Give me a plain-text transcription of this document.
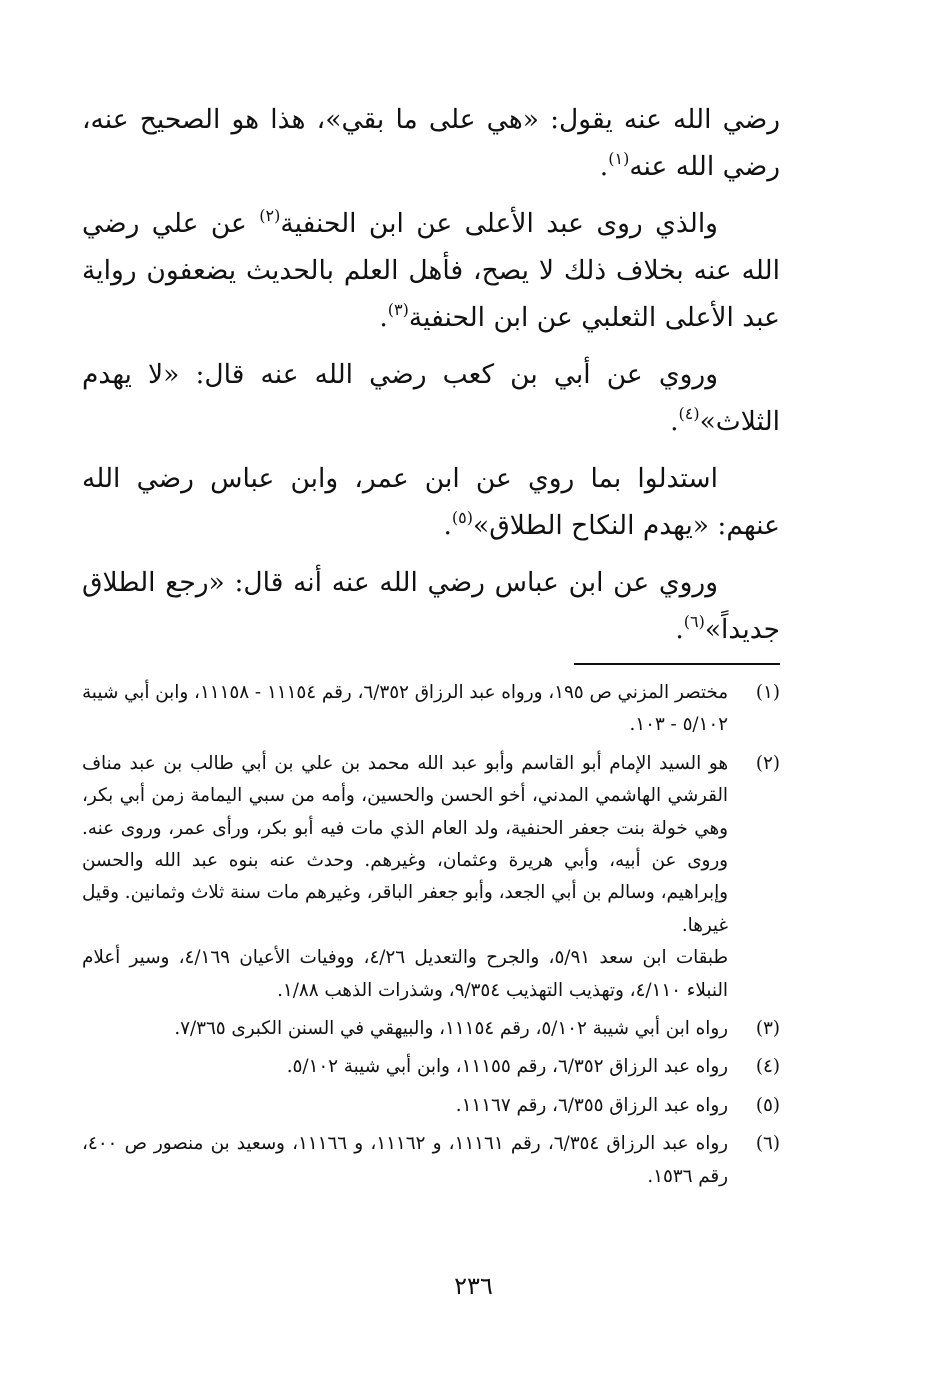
رضي الله عنه يقول: «هي على ما بقي»، هذا هو الصحيح عنه، رضي الله عنه$^{(١)}$.

والذي روى عبد الأعلى عن ابن الحنفية$^{(٢)}$ عن علي رضي الله عنه بخلاف ذلك لا يصح، فأهل العلم بالحديث يضعفون رواية عبد الأعلى الثعلبي عن ابن الحنفية$^{(٣)}$.

وروي عن أبي بن كعب رضي الله عنه قال: «لا يهدم الثلاث»$^{(٤)}$.

استدلوا بما روي عن ابن عمر، وابن عباس رضي الله عنهم: «يهدم النكاح الطلاق»$^{(٥)}$.

وروي عن ابن عباس رضي الله عنه أنه قال: «رجع الطلاق جديداً»$^{(٦)}$.

(١)
مختصر المزني ص ١٩٥، ورواه عبد الرزاق ٦/٣٥٢، رقم ١١١٥٤ - ١١١٥٨، وابن أبي شيبة ٥/١٠٢ - ١٠٣.
(٢)
هو السيد الإمام أبو القاسم وأبو عبد الله محمد بن علي بن أبي طالب بن عبد مناف القرشي الهاشمي المدني، أخو الحسن والحسين، وأمه من سبي اليمامة زمن أبي بكر، وهي خولة بنت جعفر الحنفية، ولد العام الذي مات فيه أبو بكر، ورأى عمر، وروى عنه. وروى عن أبيه، وأبي هريرة وعثمان، وغيرهم. وحدث عنه بنوه عبد الله والحسن وإبراهيم، وسالم بن أبي الجعد، وأبو جعفر الباقر، وغيرهم مات سنة ثلاث وثمانين. وقيل غيرها.
طبقات ابن سعد ٥/٩١، والجرح والتعديل ٤/٢٦، ووفيات الأعيان ٤/١٦٩، وسير أعلام النبلاء ٤/١١٠، وتهذيب التهذيب ٩/٣٥٤، وشذرات الذهب ١/٨٨.
(٣)
رواه ابن أبي شيبة ٥/١٠٢، رقم ١١١٥٤، والبيهقي في السنن الكبرى ٧/٣٦٥.
(٤)
رواه عبد الرزاق ٦/٣٥٢، رقم ١١١٥٥، وابن أبي شيبة ٥/١٠٢.
(٥)
رواه عبد الرزاق ٦/٣٥٥، رقم ١١١٦٧.
(٦)
رواه عبد الرزاق ٦/٣٥٤، رقم ١١١٦١، و ١١١٦٢، و ١١١٦٦، وسعيد بن منصور ص ٤٠٠، رقم ١٥٣٦.
٢٣٦
